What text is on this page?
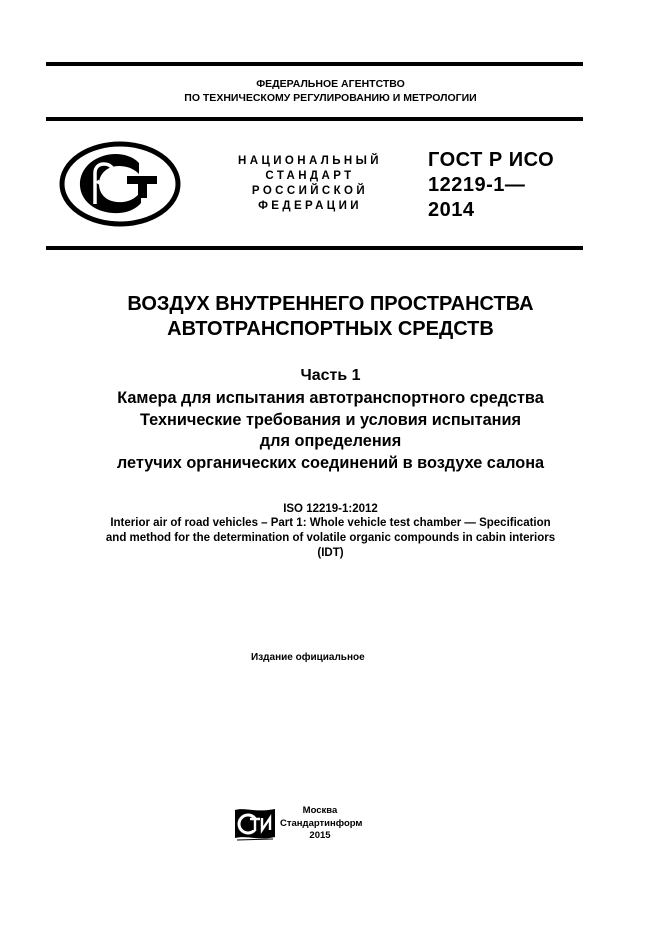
ФЕДЕРАЛЬНОЕ АГЕНТСТВО
ПО ТЕХНИЧЕСКОМУ РЕГУЛИРОВАНИЮ И МЕТРОЛОГИИ
НАЦИОНАЛЬНЫЙ
СТАНДАРТ
РОССИЙСКОЙ
ФЕДЕРАЦИИ
ГОСТ Р ИСО
12219-1—
2014
ВОЗДУХ ВНУТРЕННЕГО ПРОСТРАНСТВА
АВТОТРАНСПОРТНЫХ СРЕДСТВ
Часть 1
Камера для испытания автотранспортного средства
Технические требования и условия испытания
для определения
летучих органических соединений в воздухе салона
ISO 12219-1:2012
Interior air of road vehicles – Part 1: Whole vehicle test chamber — Specification
and method for the determination of volatile organic compounds in cabin interiors
(IDT)
Издание официальное
Москва
Стандартинформ
2015
